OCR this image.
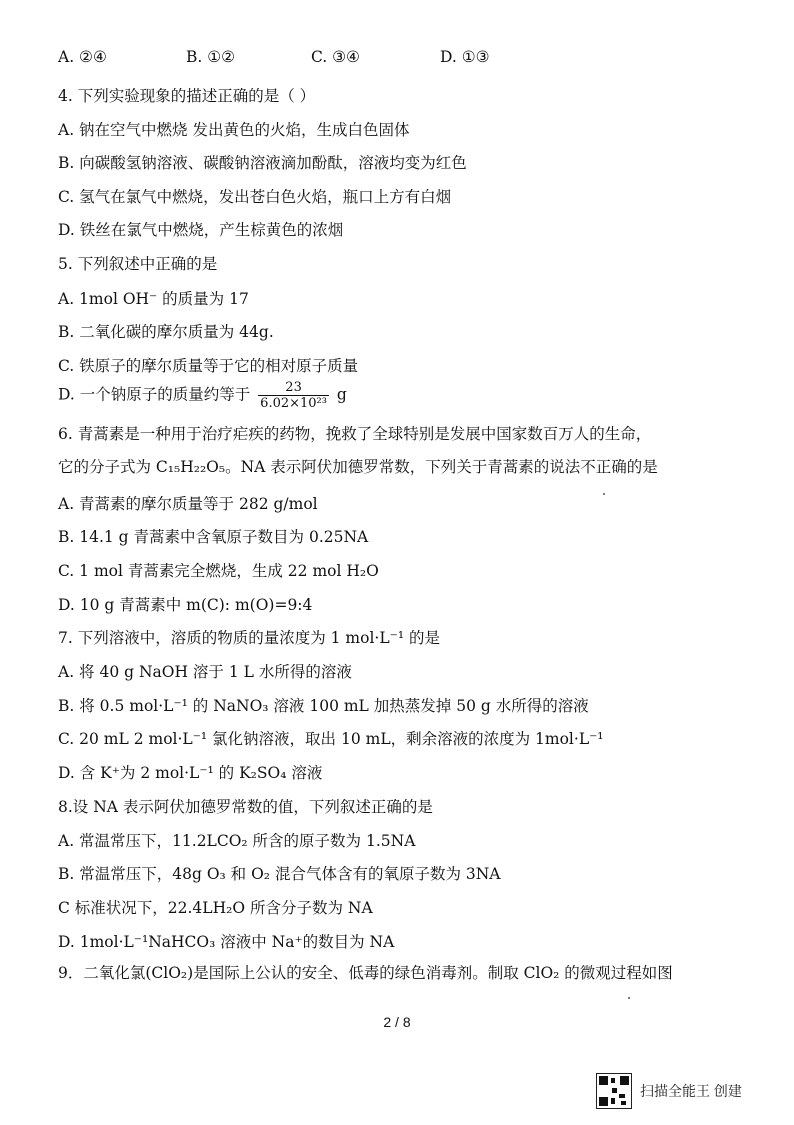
A. ②④	B. ①②	C. ③④	D. ①③
4. 下列实验现象的描述正确的是（ ）
A. 钠在空气中燃烧 发出黄色的火焰，生成白色固体
B. 向碳酸氢钠溶液、碳酸钠溶液滴加酚酞，溶液均变为红色
C. 氢气在氯气中燃烧，发出苍白色火焰，瓶口上方有白烟
D. 铁丝在氯气中燃烧，产生棕黄色的浓烟
5. 下列叙述中正确的是
A. 1mol OH⁻ 的质量为 17
B. 二氧化碳的摩尔质量为 44g.
C. 铁原子的摩尔质量等于它的相对原子质量
D. 一个钠原子的质量约等于 $\frac{23}{\text{6.02×10²³}}$ g
6. 青蒿素是一种用于治疗疟疾的药物，挽救了全球特别是发展中国家数百万人的生命，
它的分子式为 C₁₅H₂₂O₅。NA 表示阿伏加德罗常数，下列关于青蒿素的说法不正确的是
A. 青蒿素的摩尔质量等于 282 g/mol
B. 14.1 g 青蒿素中含氧原子数目为 0.25NA
C. 1 mol 青蒿素完全燃烧，生成 22 mol H₂O
D. 10 g 青蒿素中 m(C): m(O)=9:4
7. 下列溶液中，溶质的物质的量浓度为 1 mol·L⁻¹ 的是
A. 将 40 g NaOH 溶于 1 L 水所得的溶液
B. 将 0.5 mol·L⁻¹ 的 NaNO₃ 溶液 100 mL 加热蒸发掉 50 g 水所得的溶液
C. 20 mL 2 mol·L⁻¹ 氯化钠溶液，取出 10 mL，剩余溶液的浓度为 1mol·L⁻¹
D. 含 K⁺为 2 mol·L⁻¹ 的 K₂SO₄ 溶液
8.设 NA 表示阿伏加德罗常数的值，下列叙述正确的是
A. 常温常压下，11.2LCO₂ 所含的原子数为 1.5NA
B. 常温常压下，48g O₃ 和 O₂ 混合气体含有的氧原子数为 3NA
C 标准状况下，22.4LH₂O 所含分子数为 NA
D. 1mol·L⁻¹NaHCO₃ 溶液中 Na⁺的数目为 NA
9．二氧化氯(ClO₂)是国际上公认的安全、低毒的绿色消毒剂。制取 ClO₂ 的微观过程如图
2 / 8
扫描全能王 创建
